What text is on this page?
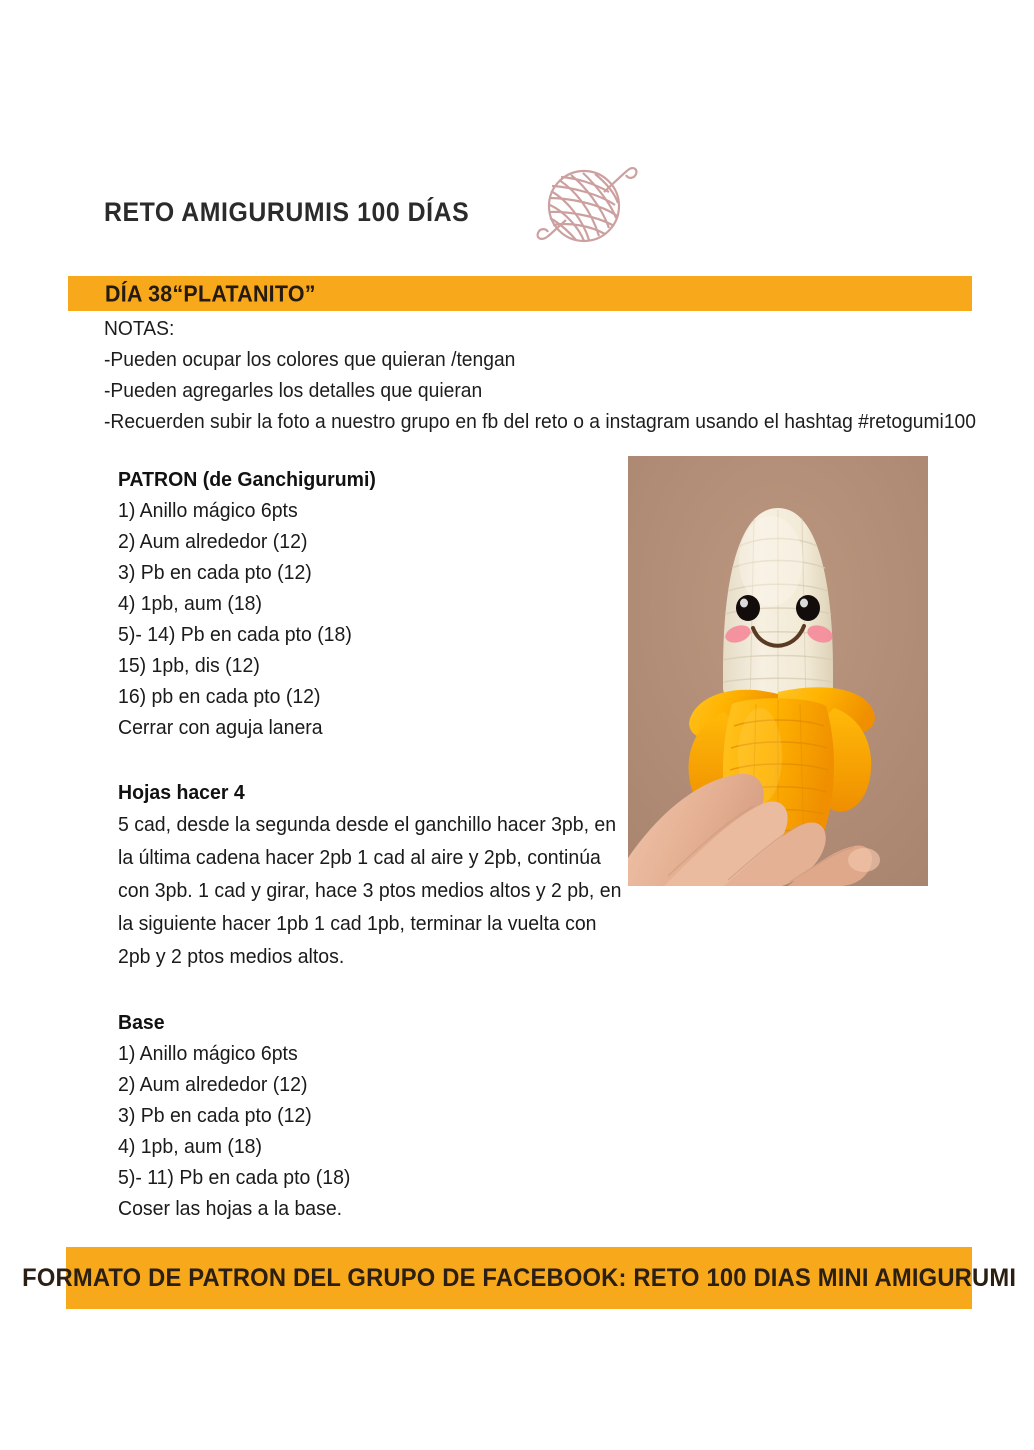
RETO AMIGURUMIS 100 DÍAS
DÍA 38“PLATANITO”
NOTAS:
-Pueden ocupar los colores que quieran /tengan
-Pueden agregarles los detalles que quieran
-Recuerden subir la foto a nuestro grupo en fb del reto o a instagram usando el hashtag #retogumi100
PATRON (de Ganchigurumi)
1) Anillo mágico 6pts
2) Aum alrededor (12)
3) Pb en cada pto (12)
4) 1pb, aum (18)
5)- 14) Pb en cada pto (18)
15) 1pb, dis (12)
16) pb en cada pto (12)
Cerrar con aguja lanera
Hojas hacer 4
5 cad, desde la segunda desde el ganchillo hacer 3pb, en la última cadena hacer 2pb 1 cad al aire y 2pb, continúa con 3pb. 1 cad y girar, hace 3 ptos medios altos y 2 pb, en la siguiente hacer 1pb 1 cad 1pb, terminar la vuelta con 2pb y 2 ptos medios altos.
Base
1) Anillo mágico 6pts
2) Aum alrededor (12)
3) Pb en cada pto (12)
4) 1pb, aum (18)
5)- 11) Pb en cada pto (18)
Coser las hojas a la base.
FORMATO DE PATRON DEL GRUPO DE FACEBOOK: RETO 100 DIAS MINI AMIGURUMI
